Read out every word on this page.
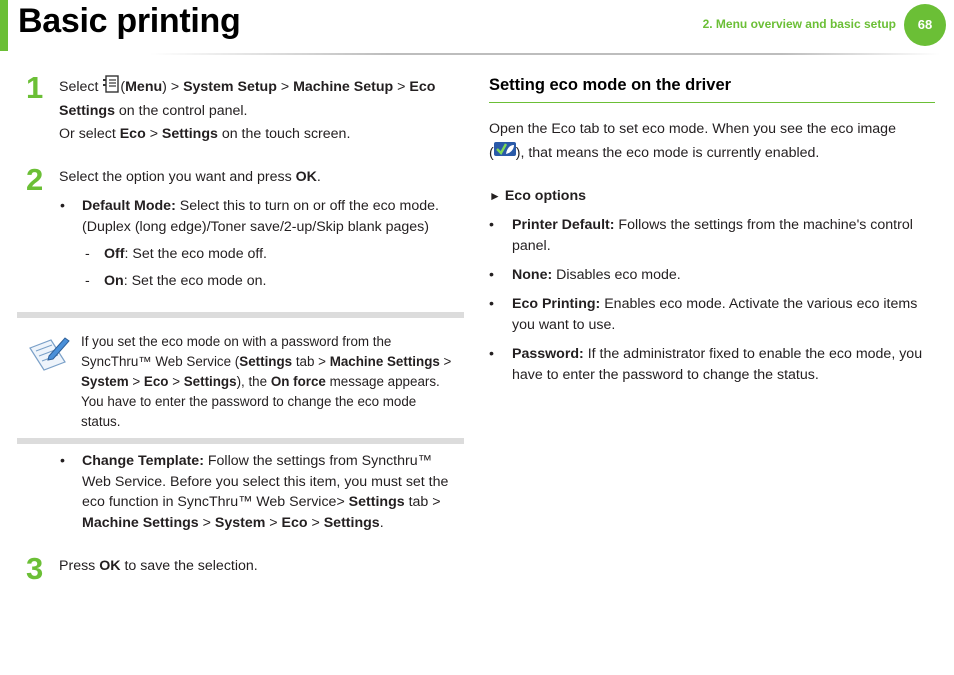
Basic printing	2. Menu overview and basic setup	68
1 Select (Menu) > System Setup > Machine Setup > Eco
Settings on the control panel.
Or select Eco > Settings on the touch screen.
2 Select the option you want and press OK.
• Default Mode: Select this to turn on or off the eco mode.
(Duplex (long edge)/Toner save/2-up/Skip blank pages)
- Off: Set the eco mode off.
- On: Set the eco mode on.
If you set the eco mode on with a password from the
SyncThru™ Web Service (Settings tab > Machine Settings >
System > Eco > Settings), the On force message appears.
You have to enter the password to change the eco mode
status.
• Change Template: Follow the settings from Syncthru™
Web Service. Before you select this item, you must set the
eco function in SyncThru™ Web Service> Settings tab >
Machine Settings > System > Eco > Settings.
3 Press OK to save the selection.
Setting eco mode on the driver
Open the Eco tab to set eco mode. When you see the eco image
( ), that means the eco mode is currently enabled.
► Eco options
• Printer Default: Follows the settings from the machine's control
panel.
• None: Disables eco mode.
• Eco Printing: Enables eco mode. Activate the various eco items
you want to use.
• Password: If the administrator fixed to enable the eco mode, you
have to enter the password to change the status.
